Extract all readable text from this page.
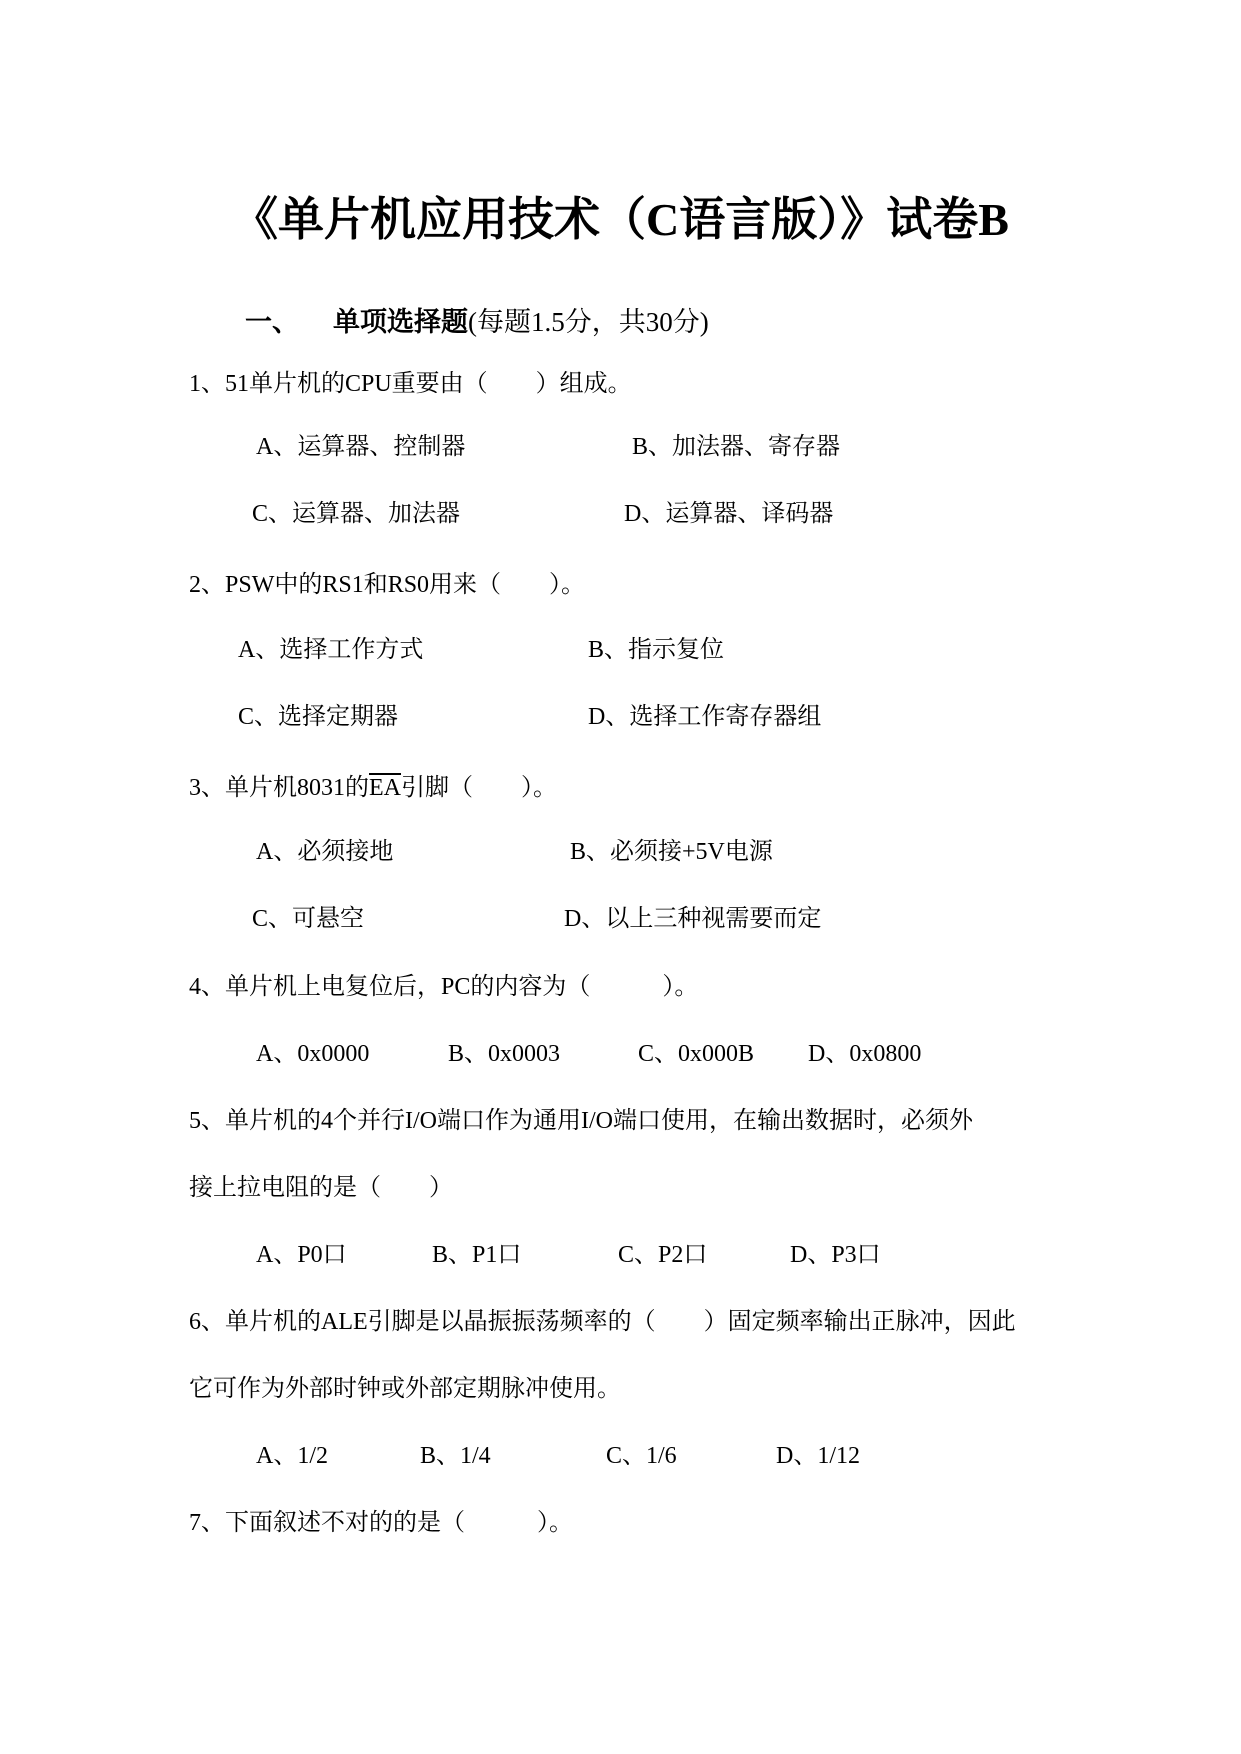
《单片机应用技术（C语言版）》试卷B
一、 单项选择题(每题1.5分，共30分)
1、51单片机的CPU重要由（　　）组成。
A、运算器、控制器	B、加法器、寄存器
C、运算器、加法器	D、运算器、译码器
2、PSW中的RS1和RS0用来（　　）。
A、选择工作方式	B、指示复位
C、选择定期器	D、选择工作寄存器组
3、单片机8031的$\overline{EA}$引脚（　　）。
A、必须接地	B、必须接+5V电源
C、可悬空	D、以上三种视需要而定
4、单片机上电复位后，PC的内容为（　　　）。
A、0x0000	B、0x0003	C、0x000B D、0x0800
5、单片机的4个并行I/O端口作为通用I/O端口使用，在输出数据时，必须外
接上拉电阻的是（　　）
A、P0口	B、P1口	C、P2口	D、P3口
6、单片机的ALE引脚是以晶振振荡频率的（　　）固定频率输出正脉冲，因此
它可作为外部时钟或外部定期脉冲使用。
A、1/2	B、1/4	C、1/6	D、1/12
7、下面叙述不对的的是（　　　）。
